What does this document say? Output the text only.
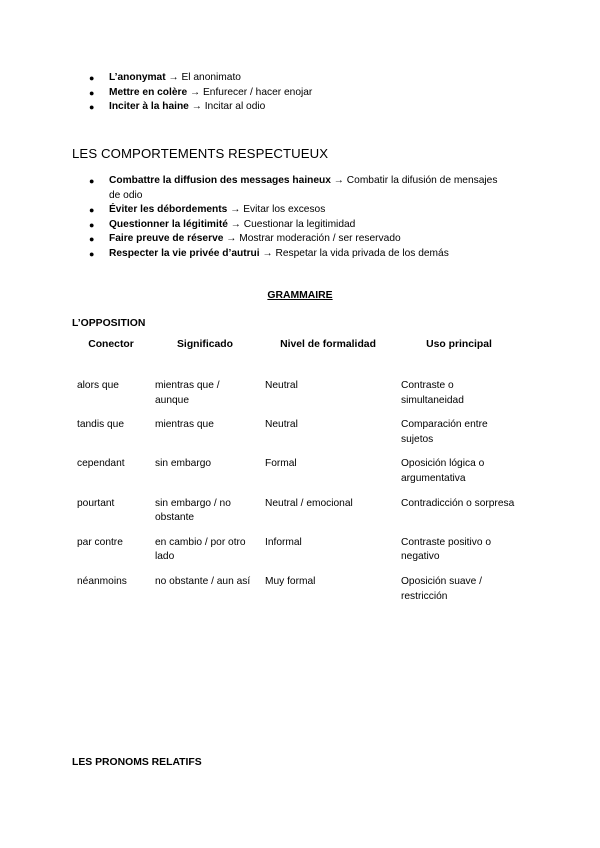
● L’anonymat → El anonimato
● Mettre en colère → Enfurecer / hacer enojar
● Inciter à la haine → Incitar al odio
LES COMPORTEMENTS RESPECTUEUX
● Combattre la diffusion des messages haineux → Combatir la difusión de mensajes de odio
● Éviter les débordements → Evitar los excesos
● Questionner la légitimité → Cuestionar la legitimidad
● Faire preuve de réserve → Mostrar moderación / ser reservado
● Respecter la vie privée d’autrui → Respetar la vida privada de los demás
GRAMMAIRE
L’OPPOSITION
Conector	Significado	Nivel de formalidad	Uso principal
alors que	mientras que / aunque	Neutral	Contraste o simultaneidad
tandis que	mientras que	Neutral	Comparación entre sujetos
cependant	sin embargo	Formal	Oposición lógica o argumentativa
pourtant	sin embargo / no obstante	Neutral / emocional	Contradicción o sorpresa
par contre	en cambio / por otro lado	Informal	Contraste positivo o negativo
néanmoins	no obstante / aun así	Muy formal	Oposición suave / restricción
LES PRONOMS RELATIFS
